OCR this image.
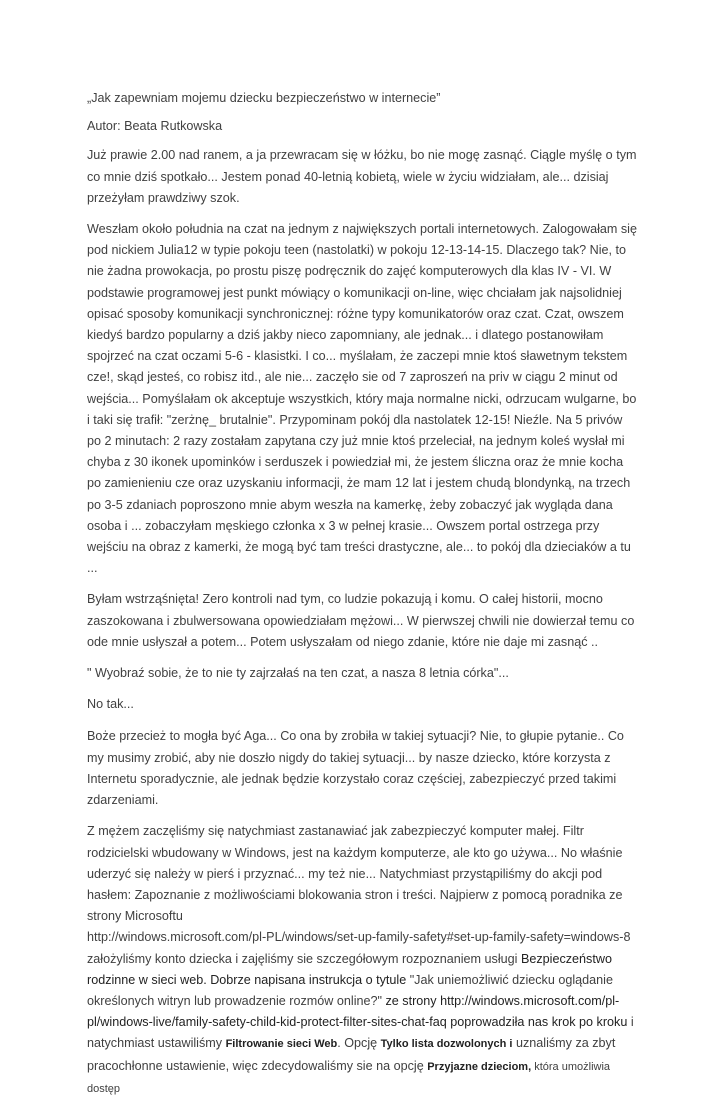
„Jak zapewniam mojemu dziecku bezpieczeństwo w internecie”

Autor: Beata Rutkowska

Już prawie 2.00 nad ranem, a ja przewracam się w łóżku, bo nie mogę zasnąć. Ciągle myślę o tym co mnie dziś spotkało... Jestem ponad 40-letnią kobietą, wiele w życiu widziałam, ale... dzisiaj przeżyłam prawdziwy szok.

Weszłam około południa na czat na jednym z największych portali internetowych. Zalogowałam się pod nickiem Julia12 w typie pokoju teen (nastolatki) w pokoju 12-13-14-15. Dlaczego tak? Nie, to nie żadna prowokacja, po prostu piszę podręcznik do zajęć komputerowych dla klas IV - VI. W podstawie programowej jest punkt mówiący o komunikacji on-line, więc chciałam jak najsolidniej opisać sposoby komunikacji synchronicznej: różne typy komunikatorów oraz czat. Czat, owszem kiedyś bardzo popularny a dziś jakby nieco zapomniany, ale jednak... i dlatego postanowiłam spojrzeć na czat oczami 5-6 - klasistki. I co... myślałam, że zaczepi mnie ktoś sławetnym tekstem cze!, skąd jesteś, co robisz itd., ale nie... zaczęło sie od 7 zaproszeń na priv w ciągu 2 minut od wejścia... Pomyślałam ok akceptuje wszystkich, który maja normalne nicki, odrzucam wulgarne, bo i taki się trafił: "zerżnę_ brutalnie". Przypominam pokój dla nastolatek 12-15! Nieźle. Na 5 privów po 2 minutach: 2 razy zostałam zapytana czy już mnie ktoś przeleciał, na jednym koleś wysłał mi chyba z 30 ikonek upominków i serduszek i powiedział mi, że jestem śliczna oraz że mnie kocha po zamienieniu cze oraz uzyskaniu informacji, że mam 12 lat i jestem chudą blondynką, na trzech po 3-5 zdaniach poproszono mnie abym weszła na kamerkę, żeby zobaczyć jak wygląda dana osoba i ... zobaczyłam męskiego członka x 3 w pełnej krasie... Owszem portal ostrzega przy wejściu na obraz z kamerki, że mogą być tam treści drastyczne, ale... to pokój dla dzieciaków a tu ...

Byłam wstrząśnięta! Zero kontroli nad tym, co ludzie pokazują i komu. O całej historii, mocno zaszokowana i zbulwersowana opowiedziałam mężowi... W pierwszej chwili nie dowierzał temu co ode mnie usłyszał a potem... Potem usłyszałam od niego zdanie, które nie daje mi zasnąć ..

" Wyobraź sobie, że to nie ty zajrzałaś na ten czat, a nasza 8 letnia córka"...

No tak...

Boże przecież to mogła być Aga... Co ona by zrobiła w takiej sytuacji? Nie, to głupie pytanie.. Co my musimy zrobić, aby nie doszło nigdy do takiej sytuacji... by nasze dziecko, które korzysta z Internetu sporadycznie, ale jednak będzie korzystało coraz częściej, zabezpieczyć przed takimi zdarzeniami.

Z mężem zaczęliśmy się natychmiast zastanawiać jak zabezpieczyć komputer małej. Filtr rodzicielski wbudowany w Windows, jest na każdym komputerze, ale kto go używa... No właśnie uderzyć się należy w pierś i przyznać... my też nie... Natychmiast przystąpiliśmy do akcji pod hasłem: Zapoznanie z możliwościami blokowania stron i treści. Najpierw z pomocą poradnika ze strony Microsoftu
http://windows.microsoft.com/pl-PL/windows/set-up-family-safety#set-up-family-safety=windows-8
założyliśmy konto dziecka i zajęliśmy sie szczegółowym rozpoznaniem usługi Bezpieczeństwo rodzinne w sieci web. Dobrze napisana instrukcja o tytule "Jak uniemożliwić dziecku oglądanie określonych witryn lub prowadzenie rozmów online?" ze strony http://windows.microsoft.com/pl-pl/windows-live/family-safety-child-kid-protect-filter-sites-chat-faq poprowadziła nas krok po kroku i natychmiast ustawiliśmy Filtrowanie sieci Web. Opcję Tylko lista dozwolonych i uznaliśmy za zbyt pracochłonne ustawienie, więc zdecydowaliśmy sie na opcję Przyjazne dzieciom, która umożliwia dostęp
